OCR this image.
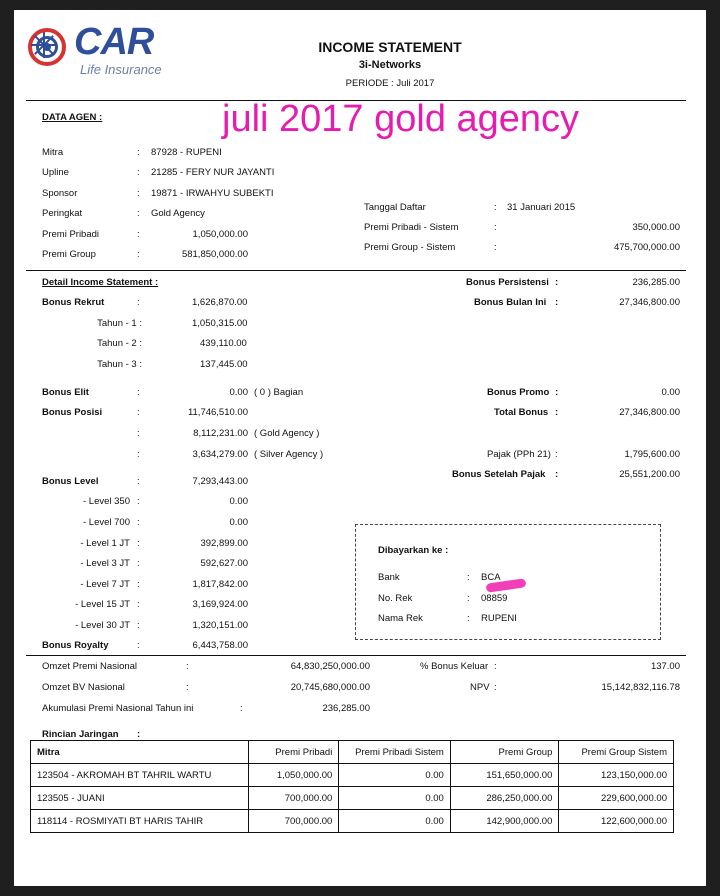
CAR
Life Insurance
INCOME STATEMENT
3i-Networks
PERIODE : Juli 2017
juli 2017 gold agency
DATA AGEN :
Mitra	: 87928 - RUPENI
Upline	: 21285 - FERY NUR JAYANTI
Sponsor	: 19871 - IRWAHYU SUBEKTI
Peringkat	: Gold Agency
Premi Pribadi	:	1,050,000.00
Premi Group	:	581,850,000.00
Tanggal Daftar	: 31 Januari 2015
Premi Pribadi - Sistem	:	350,000.00
Premi Group - Sistem	:	475,700,000.00
Detail Income Statement :
Bonus Rekrut	:	1,626,870.00
Tahun - 1 :	1,050,315.00
Tahun - 2 :	439,110.00
Tahun - 3 :	137,445.00
Bonus Elit	:	0.00 ( 0 ) Bagian
Bonus Posisi	:	11,746,510.00
:	8,112,231.00 ( Gold Agency )
:	3,634,279.00 ( Silver Agency )
Bonus Level	:	7,293,443.00
- Level 350 :	0.00
- Level 700 :	0.00
- Level 1 JT :	392,899.00
- Level 3 JT :	592,627.00
- Level 7 JT :	1,817,842.00
- Level 15 JT :	3,169,924.00
- Level 30 JT :	1,320,151.00
Bonus Royalty	:	6,443,758.00
Bonus Persistensi :	236,285.00
Bonus Bulan Ini :	27,346,800.00
Bonus Promo :	0.00
Total Bonus :	27,346,800.00
Pajak (PPh 21) :	1,795,600.00
Bonus Setelah Pajak :	25,551,200.00
Dibayarkan ke :
Bank	: BCA
No. Rek	: 08859
Nama Rek	: RUPENI
Omzet Premi Nasional	:	64,830,250,000.00
Omzet BV Nasional	:	20,745,680,000.00
Akumulasi Premi Nasional Tahun ini	:	236,285.00
% Bonus Keluar :	137.00
NPV :	15,142,832,116.78
Rincian Jaringan :
Mitra	Premi Pribadi	Premi Pribadi Sistem	Premi Group	Premi Group Sistem
123504 - AKROMAH BT TAHRIL WARTU	1,050,000.00	0.00	151,650,000.00	123,150,000.00
123505 - JUANI	700,000.00	0.00	286,250,000.00	229,600,000.00
118114 - ROSMIYATI BT HARIS TAHIR	700,000.00	0.00	142,900,000.00	122,600,000.00
